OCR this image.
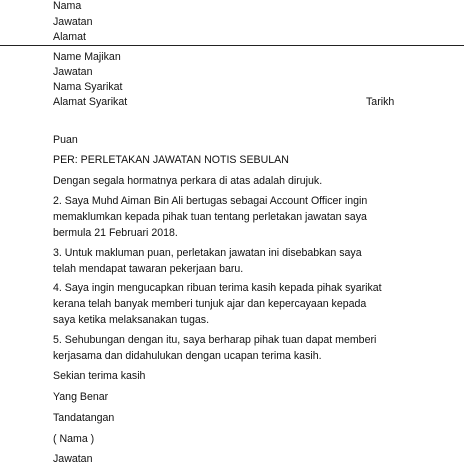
Nama
Jawatan
Alamat
Name Majikan
Jawatan
Nama Syarikat
Alamat Syarikat	Tarikh
Puan
PER: PERLETAKAN JAWATAN NOTIS SEBULAN
Dengan segala hormatnya perkara di atas adalah dirujuk.
2. Saya Muhd Aiman Bin Ali bertugas sebagai Account Officer ingin
memaklumkan kepada pihak tuan tentang perletakan jawatan saya
bermula 21 Februari 2018.
3. Untuk makluman puan, perletakan jawatan ini disebabkan saya
telah mendapat tawaran pekerjaan baru.
4. Saya ingin mengucapkan ribuan terima kasih kepada pihak syarikat
kerana telah banyak memberi tunjuk ajar dan kepercayaan kepada
saya ketika melaksanakan tugas.
5. Sehubungan dengan itu, saya berharap pihak tuan dapat memberi
kerjasama dan didahulukan dengan ucapan terima kasih.
Sekian terima kasih
Yang Benar
Tandatangan
( Nama )
Jawatan
